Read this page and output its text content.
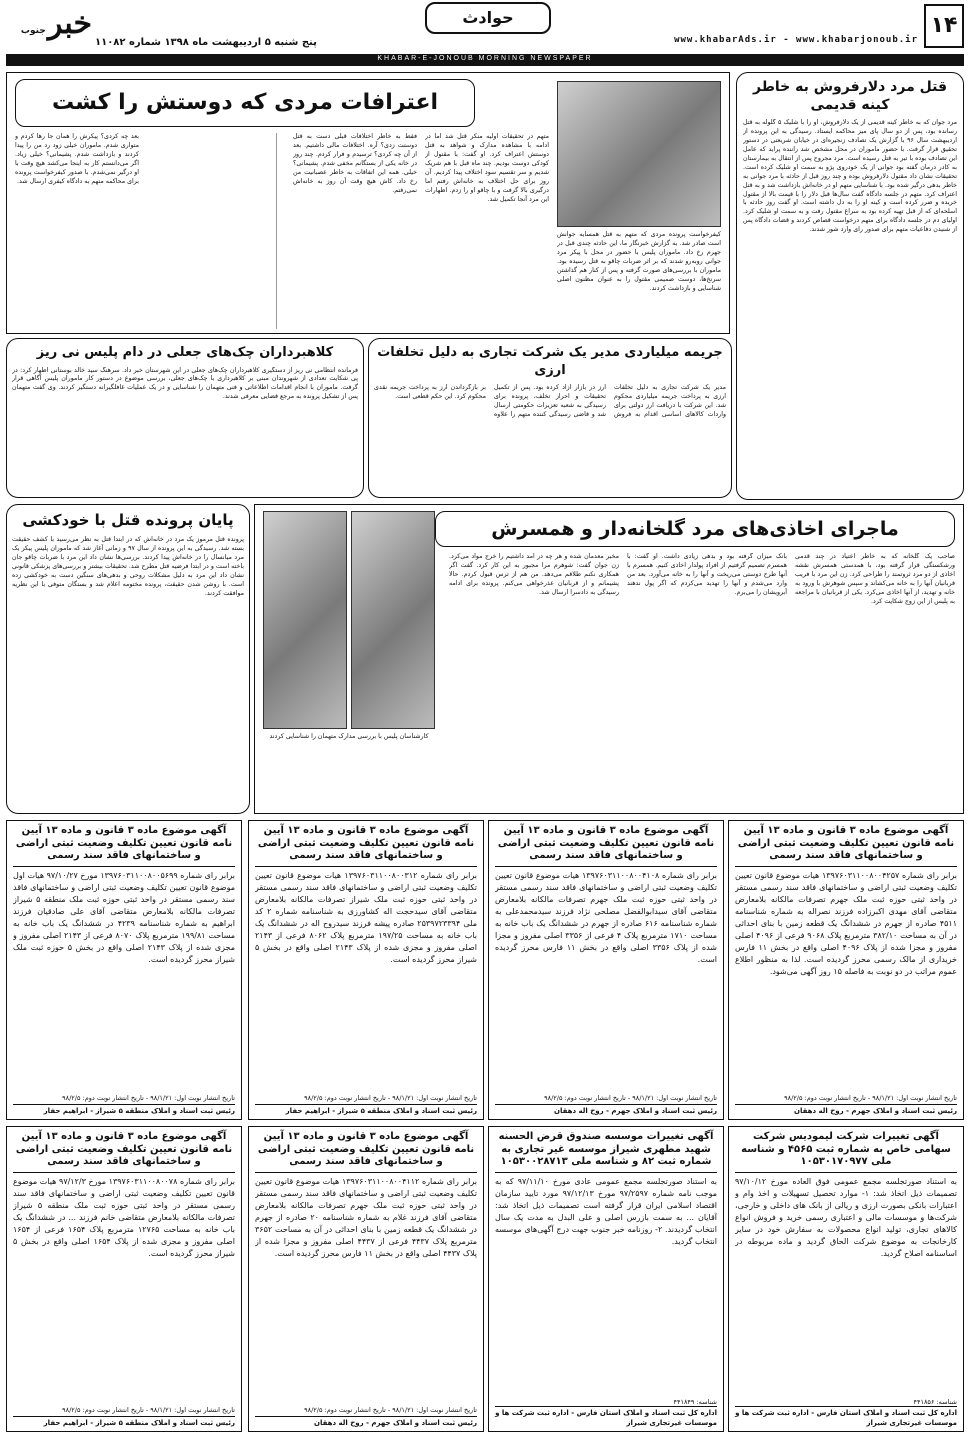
۱۴
www.khabarAds.ir - www.khabarjonoub.ir
حوادث
پنج شنبه ۵ اردیبهشت ماه ۱۳۹۸ شماره ۱۱۰۸۲
خبر جنوب
KHABAR-E-JONOUB MORNING NEWSPAPER
قتل مرد دلارفروش به خاطر کینه قدیمی
مرد جوان که به خاطر کینه قدیمی از یک دلارفروش، او را با شلیک ۵ گلوله به قتل رسانده بود، پس از دو سال پای میز محاکمه ایستاد. رسیدگی به این پرونده از اردیبهشت سال ۹۶ با گزارش یک تصادف زنجیره‌ای در خیابان شریعتی در دستور تحقیق قرار گرفت. با حضور ماموران در محل مشخص شد راننده پراید که عامل این تصادف بوده با تیر به قتل رسیده است. مرد مجروح پس از انتقال به بیمارستان به کادر درمان گفته بود جوانی از یک خودروی پژو به سمت او شلیک کرده است. تحقیقات نشان داد مقتول دلارفروش بوده و چند روز قبل از حادثه با مرد جوانی به خاطر بدهی درگیر شده بود. با شناسایی متهم او در خانه‌اش بازداشت شد و به قتل اعتراف کرد. متهم در جلسه دادگاه گفت سال‌ها قبل دلار را با قیمت بالا از مقتول خریده و ضرر کرده است و کینه او را به دل داشته است. او گفت روز حادثه با اسلحه‌ای که از قبل تهیه کرده بود به سراغ مقتول رفت و به سمت او شلیک کرد. اولیای دم در جلسه دادگاه برای متهم درخواست قصاص کردند و قضات دادگاه پس از شنیدن دفاعیات متهم برای صدور رای وارد شور شدند.
اعترافات مردی که دوستش را کشت
کیفرخواست پرونده مردی که متهم به قتل همسایه جوانش است صادر شد. به گزارش خبرنگار ما، این حادثه چندی قبل در جهرم رخ داد. ماموران پلیس با حضور در محل با پیکر مرد جوانی روبه‌رو شدند که بر اثر ضربات چاقو به قتل رسیده بود. ماموران با بررسی‌های صورت گرفته و پس از کنار هم گذاشتن سرنخ‌ها، دوست صمیمی مقتول را به عنوان مظنون اصلی شناسایی و بازداشت کردند.
متهم در تحقیقات اولیه منکر قتل شد اما در ادامه با مشاهده مدارک و شواهد به قتل دوستش اعتراف کرد. او گفت: با مقتول از کودکی دوست بودیم. چند ماه قبل با هم شریک شدیم و سر تقسیم سود اختلاف پیدا کردیم. آن روز برای حل اختلاف به خانه‌اش رفتم اما درگیری بالا گرفت و با چاقو او را زدم. اظهارات این مرد آنجا تکمیل شد.
فقط به خاطر اختلافات قبلی دست به قتل دوستت زدی؟ آره. اختلافات مالی داشتیم. بعد از آن چه کردی؟ ترسیدم و فرار کردم. چند روز در خانه یکی از بستگانم مخفی شدم. پشیمانی؟ خیلی. همه این اتفاقات به خاطر عصبانیت من رخ داد. کاش هیچ وقت آن روز به خانه‌اش نمی‌رفتم.
بعد چه کردی؟ پیکرش را همان جا رها کردم و متواری شدم. ماموران خیلی زود رد من را پیدا کردند و بازداشت شدم. پشیمانی؟ خیلی زیاد. اگر می‌دانستم کار به اینجا می‌کشد هیچ وقت با او درگیر نمی‌شدم. با صدور کیفرخواست پرونده برای محاکمه متهم به دادگاه کیفری ارسال شد.
جریمه میلیاردی مدیر یک شرکت تجاری به دلیل تخلفات ارزی
مدیر یک شرکت تجاری به دلیل تخلفات ارزی به پرداخت جریمه میلیاردی محکوم شد. این شرکت با دریافت ارز دولتی برای واردات کالاهای اساسی اقدام به فروش ارز در بازار آزاد کرده بود. پس از تکمیل تحقیقات و احراز تخلف، پرونده برای رسیدگی به شعبه تعزیرات حکومتی ارسال شد و قاضی رسیدگی کننده متهم را علاوه بر بازگرداندن ارز به پرداخت جریمه نقدی محکوم کرد. این حکم قطعی است.
کلاهبرداران چک‌های جعلی در دام پلیس نی ریز
فرمانده انتظامی نی ریز از دستگیری کلاهبرداران چک‌های جعلی در این شهرستان خبر داد. سرهنگ سید خالد بوستانی اظهار کرد: در پی شکایت تعدادی از شهروندان مبنی بر کلاهبرداری با چک‌های جعلی، بررسی موضوع در دستور کار ماموران پلیس آگاهی قرار گرفت. ماموران با انجام اقدامات اطلاعاتی و فنی متهمان را شناسایی و در یک عملیات غافلگیرانه دستگیر کردند. وی گفت متهمان پس از تشکیل پرونده به مرجع قضایی معرفی شدند.
ماجرای اخاذی‌های مرد گلخانه‌دار و همسرش
صاحب یک گلخانه که به خاطر اعتیاد در چند قدمی ورشکستگی قرار گرفته بود، با همدستی همسرش نقشه اخاذی از دو مرد ثروتمند را طراحی کرد. زن این مرد با فریب قربانیان آنها را به خانه می‌کشاند و سپس شوهرش با ورود به خانه و تهدید، از آنها اخاذی می‌کرد. یکی از قربانیان با مراجعه به پلیس از این زوج شکایت کرد.
بانک میزان گرفته بود و بدهی زیادی داشت. او گفت: با همسرم تصمیم گرفتیم از افراد پولدار اخاذی کنیم. همسرم با آنها طرح دوستی می‌ریخت و آنها را به خانه می‌آورد. بعد من وارد می‌شدم و آنها را تهدید می‌کردم که اگر پول ندهند آبرویشان را می‌برم.
مخبر معدمان شده و هر چه در آمد داشتیم را خرج مواد می‌کرد. زن جوان گفت: شوهرم مرا مجبور به این کار کرد. گفت اگر همکاری نکنم طلاقم می‌دهد. من هم از ترس قبول کردم. حالا پشیمانم و از قربانیان عذرخواهی می‌کنم. پرونده برای ادامه رسیدگی به دادسرا ارسال شد.
کارشناسان پلیس با بررسی مدارک متهمان را شناسایی کردند
پایان پرونده قتل با خودکشی
پرونده قتل مرموز یک مرد در خانه‌اش که در ابتدا قتل به نظر می‌رسید با کشف حقیقت بسته شد. رسیدگی به این پرونده از سال ۹۷ و زمانی آغاز شد که ماموران پلیس پیکر یک مرد میانسال را در خانه‌اش پیدا کردند. بررسی‌ها نشان داد این مرد با ضربات چاقو جان باخته است و در ابتدا فرضیه قتل مطرح شد. تحقیقات بیشتر و بررسی‌های پزشکی قانونی نشان داد این مرد به دلیل مشکلات روحی و بدهی‌های سنگین دست به خودکشی زده است. با روشن شدن حقیقت، پرونده مختومه اعلام شد و بستگان متوفی با این نظریه موافقت کردند.
آگهی موضوع ماده ۳ قانون و ماده ۱۳ آیین نامه قانون تعیین تکلیف وضعیت ثبتی اراضی و ساختمانهای فاقد سند رسمی
برابر رای شماره ۱۳۹۷۶۰۳۱۱۰۰۸۰۰۴۲۵۷ هیات موضوع قانون تعیین تکلیف وضعیت ثبتی اراضی و ساختمانهای فاقد سند رسمی مستقر در واحد ثبتی حوزه ثبت ملک جهرم تصرفات مالکانه بلامعارض متقاضی آقای مهدی اکبرزاده فرزند نصراله به شماره شناسنامه ۴۵۱۱ صادره از جهرم در ششدانگ یک قطعه زمین با بنای احداثی در آن به مساحت ۳۸۲/۱۰ مترمربع پلاک ۹۰۶۸ فرعی از ۴۰۹۶ اصلی مفروز و مجزا شده از پلاک ۴۰۹۶ اصلی واقع در بخش ۱۱ فارس خریداری از مالک رسمی محرز گردیده است. لذا به منظور اطلاع عموم مراتب در دو نوبت به فاصله ۱۵ روز آگهی می‌شود.
تاریخ انتشار نوبت اول: ۹۸/۱/۲۱ - تاریخ انتشار نوبت دوم: ۹۸/۲/۵
رئیس ثبت اسناد و املاک جهرم - روح اله دهقان
آگهی موضوع ماده ۳ قانون و ماده ۱۳ آیین نامه قانون تعیین تکلیف وضعیت ثبتی اراضی و ساختمانهای فاقد سند رسمی
برابر رای شماره ۱۳۹۷۶۰۳۱۱۰۰۸۰۰۴۱۰۸ هیات موضوع قانون تعیین تکلیف وضعیت ثبتی اراضی و ساختمانهای فاقد سند رسمی مستقر در واحد ثبتی حوزه ثبت ملک جهرم تصرفات مالکانه بلامعارض متقاضی آقای سیدابوالفضل مصلحی نژاد فرزند سیدمحمدعلی به شماره شناسنامه ۶۱۶ صادره از جهرم در ششدانگ یک باب خانه به مساحت ۱۷۱۰ مترمربع پلاک ۴ فرعی از ۳۳۵۶ اصلی مفروز و مجزا شده از پلاک ۳۳۵۶ اصلی واقع در بخش ۱۱ فارس محرز گردیده است.
تاریخ انتشار نوبت اول: ۹۸/۱/۲۱ - تاریخ انتشار نوبت دوم: ۹۸/۲/۵
رئیس ثبت اسناد و املاک جهرم - روح اله دهقان
آگهی موضوع ماده ۳ قانون و ماده ۱۳ آیین نامه قانون تعیین تکلیف وضعیت ثبتی اراضی و ساختمانهای فاقد سند رسمی
برابر رای شماره ۱۳۹۷۶۰۳۱۱۰۰۸۰۰۳۱۲ هیات موضوع قانون تعیین تکلیف وضعیت ثبتی اراضی و ساختمانهای فاقد سند رسمی مستقر در واحد ثبتی حوزه ثبت ملک شیراز تصرفات مالکانه بلامعارض متقاضی آقای سیدحجت اله کشاورزی به شناسنامه شماره ۲ کد ملی ۲۵۳۹۷۲۳۳۹۴ صادره پیشه فرزند سیدروح اله در ششدانگ یک باب خانه به مساحت ۱۹۷/۲۵ مترمربع پلاک ۸۰۶۲ فرعی از ۲۱۴۳ اصلی مفروز و مجزی شده از پلاک ۲۱۴۳ اصلی واقع در بخش ۵ شیراز محرز گردیده است.
تاریخ انتشار نوبت اول: ۹۸/۱/۲۱ - تاریخ انتشار نوبت دوم: ۹۸/۲/۵
رئیس ثبت اسناد و املاک منطقه ۵ شیراز - ابراهیم حفار
آگهی موضوع ماده ۳ قانون و ماده ۱۳ آیین نامه قانون تعیین تکلیف وضعیت ثبتی اراضی و ساختمانهای فاقد سند رسمی
برابر رای شماره ۱۳۹۷۶۰۳۱۱۰۰۸۰۰۵۶۹۹ مورخ ۹۷/۱۰/۲۷ هیات اول موضوع قانون تعیین تکلیف وضعیت ثبتی اراضی و ساختمانهای فاقد سند رسمی مستقر در واحد ثبتی حوزه ثبت ملک منطقه ۵ شیراز تصرفات مالکانه بلامعارض متقاضی آقای علی صادقیان فرزند ابراهیم به شماره شناسنامه ۴۲۳۹ در ششدانگ یک باب خانه به مساحت ۱۹۹/۸۱ مترمربع پلاک ۸۰۷۰ فرعی از ۲۱۴۳ اصلی مفروز و مجزی شده از پلاک ۲۱۴۳ اصلی واقع در بخش ۵ حوزه ثبت ملک شیراز محرز گردیده است.
تاریخ انتشار نوبت اول: ۹۸/۱/۲۱ - تاریخ انتشار نوبت دوم: ۹۸/۲/۵
رئیس ثبت اسناد و املاک منطقه ۵ شیراز - ابراهیم حفار
آگهی تغییرات شرکت لیمودیس شرکت سهامی خاص به شماره ثبت ۴۵۶۵ و شناسه ملی ۱۰۵۳۰۱۷۰۹۷۷
به استناد صورتجلسه مجمع عمومی فوق العاده مورخ ۹۷/۱۰/۱۲ تصمیمات ذیل اتخاذ شد: ۱- موارد تحصیل تسهیلات و اخذ وام و اعتبارات بانکی بصورت ارزی و ریالی از بانک های داخلی و خارجی، شرکت‌ها و موسسات مالی و اعتباری رسمی خرید و فروش انواع کالاهای تجاری، تولید انواع محصولات به سفارش خود در سایر کارخانجات به موضوع شرکت الحاق گردید و ماده مربوطه در اساسنامه اصلاح گردید.
شناسه: ۴۴۱۸۵۶
اداره کل ثبت اسناد و املاک استان فارس - اداره ثبت شرکت ها و موسسات غیرتجاری شیراز
آگهی تغییرات موسسه صندوق قرض الحسنه شهید مطهری شیراز موسسه غیر تجاری به شماره ثبت ۸۲ و شناسه ملی ۱۰۵۳۰۰۲۸۷۱۳
به استناد صورتجلسه مجمع عمومی عادی مورخ ۹۷/۱۱/۱۰ که به موجب نامه شماره ۹۷/۲۵۹۷ مورخ ۹۷/۱۲/۱۳ مورد تایید سازمان اقتصاد اسلامی ایران قرار گرفته است تصمیمات ذیل اتخاذ شد: آقایان ... به سمت بازرس اصلی و علی البدل به مدت یک سال انتخاب گردیدند. ۲- روزنامه خبر جنوب جهت درج آگهی‌های موسسه انتخاب گردید.
شناسه: ۴۴۱۸۴۹
اداره کل ثبت اسناد و املاک استان فارس - اداره ثبت شرکت ها و موسسات غیرتجاری شیراز
آگهی موضوع ماده ۳ قانون و ماده ۱۳ آیین نامه قانون تعیین تکلیف وضعیت ثبتی اراضی و ساختمانهای فاقد سند رسمی
برابر رای شماره ۱۳۹۷۶۰۳۱۱۰۰۸۰۰۴۱۱۲ هیات موضوع قانون تعیین تکلیف وضعیت ثبتی اراضی و ساختمانهای فاقد سند رسمی مستقر در واحد ثبتی حوزه ثبت ملک جهرم تصرفات مالکانه بلامعارض متقاضی آقای فرزند غلام به شماره شناسنامه ۲۰ صادره از جهرم در ششدانگ یک قطعه زمین با بنای احداثی در آن به مساحت ۳۶۵۲ مترمربع پلاک ۴۴۳۷ فرعی از ۴۴۳۷ اصلی مفروز و مجزا شده از پلاک ۴۴۳۷ اصلی واقع در بخش ۱۱ فارس محرز گردیده است.
تاریخ انتشار نوبت اول: ۹۸/۱/۲۱ - تاریخ انتشار نوبت دوم: ۹۸/۲/۵
رئیس ثبت اسناد و املاک جهرم - روح اله دهقان
آگهی موضوع ماده ۳ قانون و ماده ۱۳ آیین نامه قانون تعیین تکلیف وضعیت ثبتی اراضی و ساختمانهای فاقد سند رسمی
برابر رای شماره ۱۳۹۷۶۰۳۱۱۰۰۸۰۰۷۸ مورخ ۹۷/۱۲/۳ هیات موضوع قانون تعیین تکلیف وضعیت ثبتی اراضی و ساختمانهای فاقد سند رسمی مستقر در واحد ثبتی حوزه ثبت ملک منطقه ۵ شیراز تصرفات مالکانه بلامعارض متقاضی خانم فرزند ... در ششدانگ یک باب خانه به مساحت ۱۲۷۶۵ مترمربع پلاک ۱۶۵۴ فرعی از ۱۶۵۴ اصلی مفروز و مجزی شده از پلاک ۱۶۵۴ اصلی واقع در بخش ۵ شیراز محرز گردیده است.
تاریخ انتشار نوبت اول: ۹۸/۱/۲۱ - تاریخ انتشار نوبت دوم: ۹۸/۲/۵
رئیس ثبت اسناد و املاک منطقه ۵ شیراز - ابراهیم حفار
